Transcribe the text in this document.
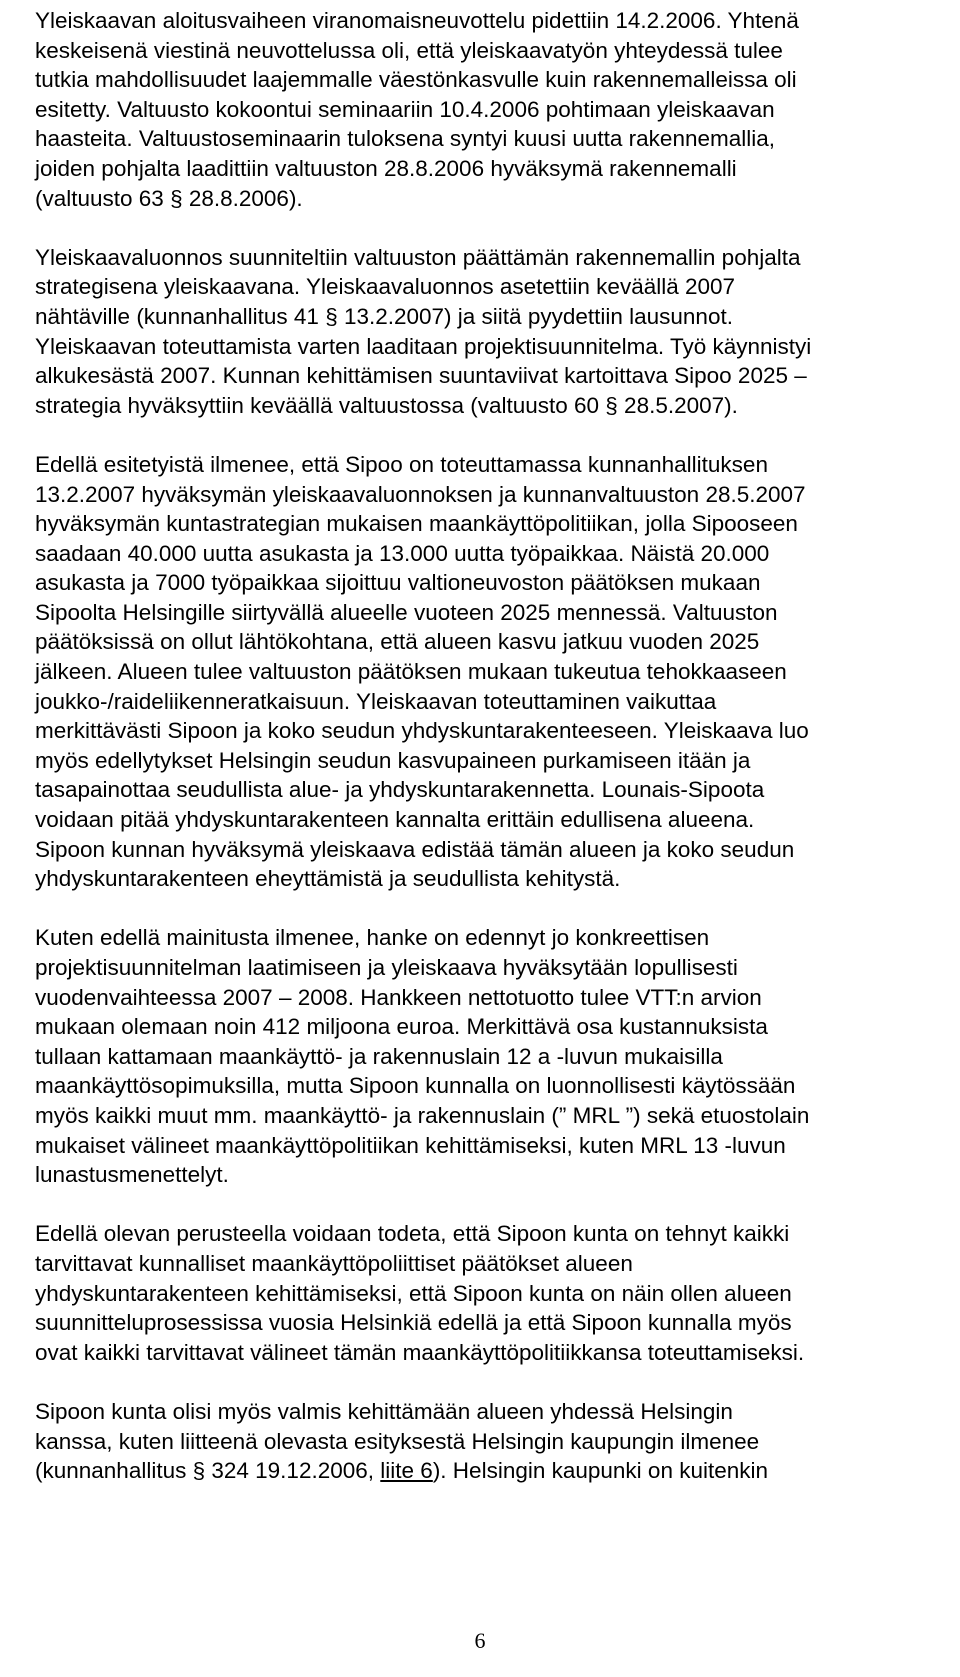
Yleiskaavan aloitusvaiheen viranomaisneuvottelu pidettiin 14.2.2006. Yhtenä
keskeisenä viestinä neuvottelussa oli, että yleiskaavatyön yhteydessä tulee
tutkia mahdollisuudet laajemmalle väestönkasvulle kuin rakennemalleissa oli
esitetty. Valtuusto kokoontui seminaariin 10.4.2006 pohtimaan yleiskaavan
haasteita. Valtuustoseminaarin tuloksena syntyi kuusi uutta rakennemallia,
joiden pohjalta laadittiin valtuuston 28.8.2006 hyväksymä rakennemalli
(valtuusto 63 § 28.8.2006).

Yleiskaavaluonnos suunniteltiin valtuuston päättämän rakennemallin pohjalta
strategisena yleiskaavana. Yleiskaavaluonnos asetettiin keväällä 2007
nähtäville (kunnanhallitus 41 § 13.2.2007) ja siitä pyydettiin lausunnot.
Yleiskaavan toteuttamista varten laaditaan projektisuunnitelma. Työ käynnistyi
alkukesästä 2007. Kunnan kehittämisen suuntaviivat kartoittava Sipoo 2025 –
strategia hyväksyttiin keväällä valtuustossa (valtuusto 60 § 28.5.2007).

Edellä esitetyistä ilmenee, että Sipoo on toteuttamassa kunnanhallituksen
13.2.2007 hyväksymän yleiskaavaluonnoksen ja kunnanvaltuuston 28.5.2007
hyväksymän kuntastrategian mukaisen maankäyttöpolitiikan, jolla Sipooseen
saadaan 40.000 uutta asukasta ja 13.000 uutta työpaikkaa. Näistä 20.000
asukasta ja 7000 työpaikkaa sijoittuu valtioneuvoston päätöksen mukaan
Sipoolta Helsingille siirtyvällä alueelle vuoteen 2025 mennessä. Valtuuston
päätöksissä on ollut lähtökohtana, että alueen kasvu jatkuu vuoden 2025
jälkeen. Alueen tulee valtuuston päätöksen mukaan tukeutua tehokkaaseen
joukko-/raideliikenneratkaisuun. Yleiskaavan toteuttaminen vaikuttaa
merkittävästi Sipoon ja koko seudun yhdyskuntarakenteeseen. Yleiskaava luo
myös edellytykset Helsingin seudun kasvupaineen purkamiseen itään ja
tasapainottaa seudullista alue- ja yhdyskuntarakennetta. Lounais-Sipoota
voidaan pitää yhdyskuntarakenteen kannalta erittäin edullisena alueena.
Sipoon kunnan hyväksymä yleiskaava edistää tämän alueen ja koko seudun
yhdyskuntarakenteen eheyttämistä ja seudullista kehitystä.

Kuten edellä mainitusta ilmenee, hanke on edennyt jo konkreettisen
projektisuunnitelman laatimiseen ja yleiskaava hyväksytään lopullisesti
vuodenvaihteessa 2007 – 2008. Hankkeen nettotuotto tulee VTT:n arvion
mukaan olemaan noin 412 miljoona euroa. Merkittävä osa kustannuksista
tullaan kattamaan maankäyttö- ja rakennuslain 12 a -luvun mukaisilla
maankäyttösopimuksilla, mutta Sipoon kunnalla on luonnollisesti käytössään
myös kaikki muut mm. maankäyttö- ja rakennuslain (” MRL ”) sekä etuostolain
mukaiset välineet maankäyttöpolitiikan kehittämiseksi, kuten MRL 13 -luvun
lunastusmenettelyt.

Edellä olevan perusteella voidaan todeta, että Sipoon kunta on tehnyt kaikki
tarvittavat kunnalliset maankäyttöpoliittiset päätökset alueen
yhdyskuntarakenteen kehittämiseksi, että Sipoon kunta on näin ollen alueen
suunnitteluprosessissa vuosia Helsinkiä edellä ja että Sipoon kunnalla myös
ovat kaikki tarvittavat välineet tämän maankäyttöpolitiikkansa toteuttamiseksi.

Sipoon kunta olisi myös valmis kehittämään alueen yhdessä Helsingin
kanssa, kuten liitteenä olevasta esityksestä Helsingin kaupungin ilmenee
(kunnanhallitus § 324 19.12.2006, liite 6). Helsingin kaupunki on kuitenkin

6
